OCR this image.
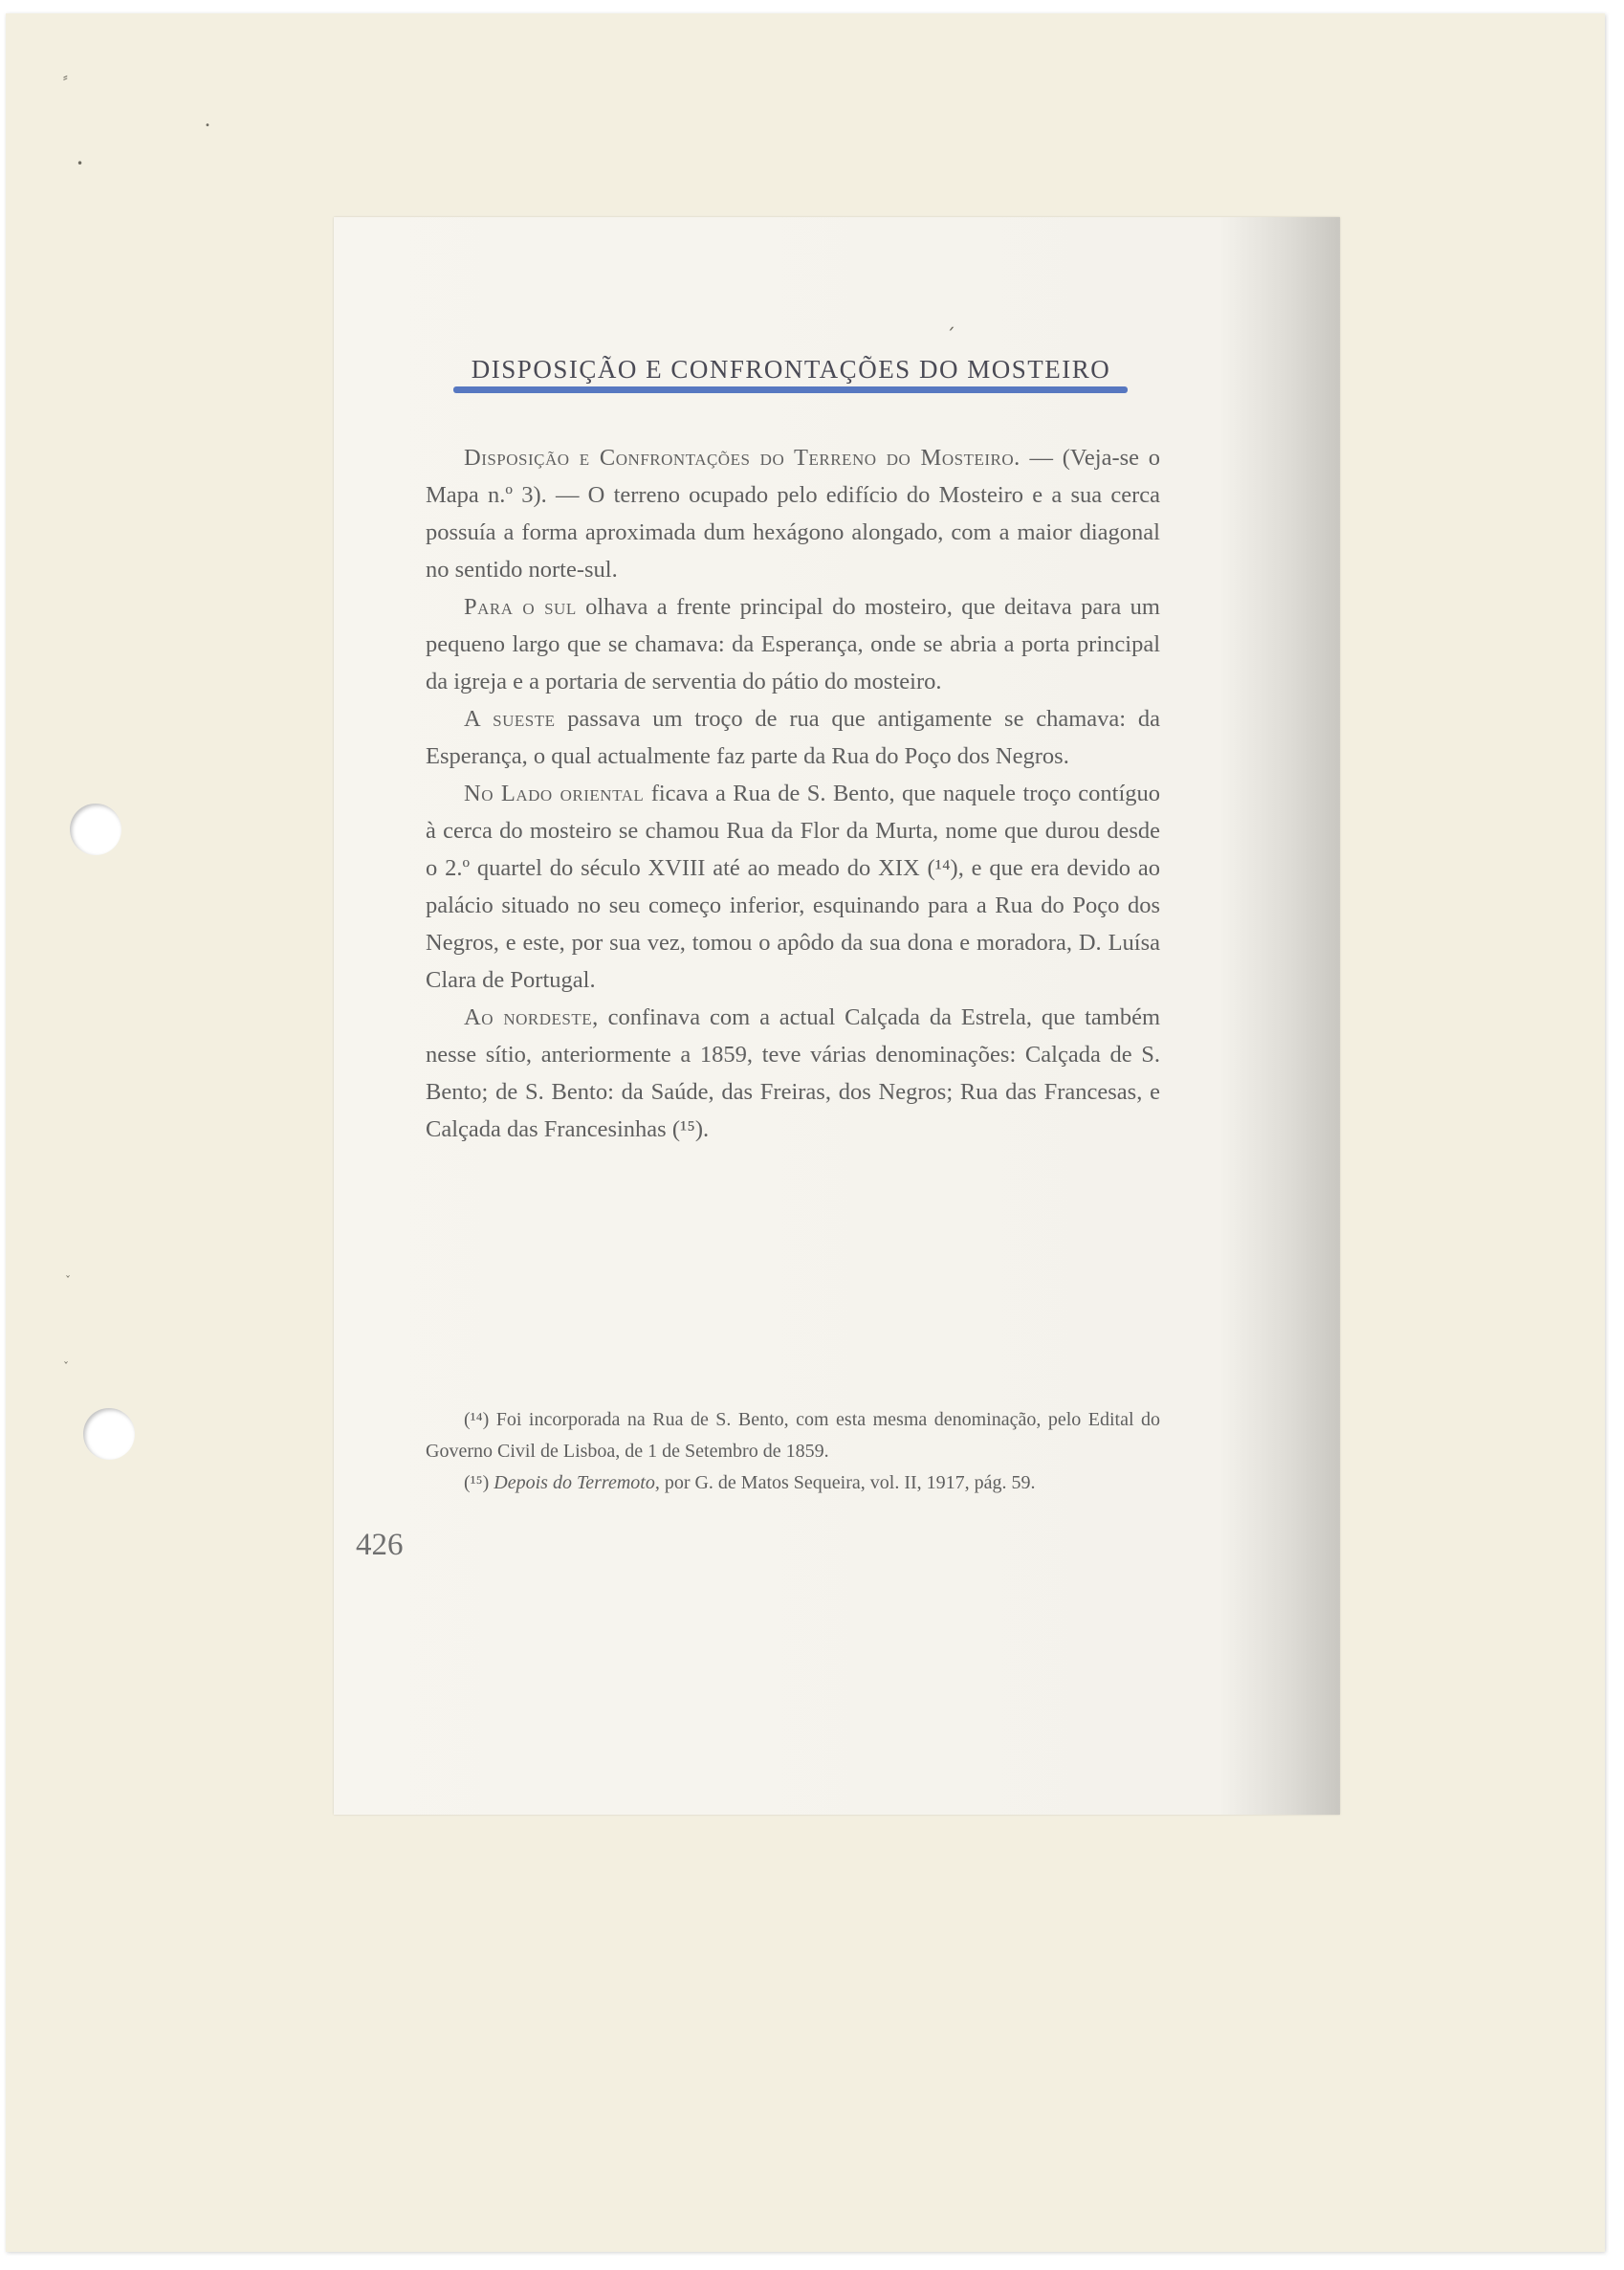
⸗
•
•
ˇ
ˇ
ˊ
DISPOSIÇÃO E CONFRONTAÇÕES DO MOSTEIRO

Disposição e Confrontações do Terreno do Mosteiro. — (Veja-se o Mapa n.º 3). — O terreno ocupado pelo edifício do Mosteiro e a sua cerca possuía a forma aproximada dum hexágono alongado, com a maior diagonal no sentido norte-sul.

Para o sul olhava a frente principal do mosteiro, que deitava para um pequeno largo que se chamava: da Esperança, onde se abria a porta principal da igreja e a portaria de serventia do pátio do mosteiro.

A sueste passava um troço de rua que antigamente se chamava: da Esperança, o qual actualmente faz parte da Rua do Poço dos Negros.

No Lado oriental ficava a Rua de S. Bento, que naquele troço contíguo à cerca do mosteiro se chamou Rua da Flor da Murta, nome que durou desde o 2.º quartel do século XVIII até ao meado do XIX (¹⁴), e que era devido ao palácio situado no seu começo inferior, esquinando para a Rua do Poço dos Negros, e este, por sua vez, tomou o apôdo da sua dona e moradora, D. Luísa Clara de Portugal.

Ao nordeste, confinava com a actual Calçada da Estrela, que também nesse sítio, anteriormente a 1859, teve várias denominações: Calçada de S. Bento; de S. Bento: da Saúde, das Freiras, dos Negros; Rua das Francesas, e Calçada das Francesinhas (¹⁵).

(¹⁴) Foi incorporada na Rua de S. Bento, com esta mesma denominação, pelo Edital do Governo Civil de Lisboa, de 1 de Setembro de 1859.

(¹⁵) Depois do Terremoto, por G. de Matos Sequeira, vol. II, 1917, pág. 59.

426
